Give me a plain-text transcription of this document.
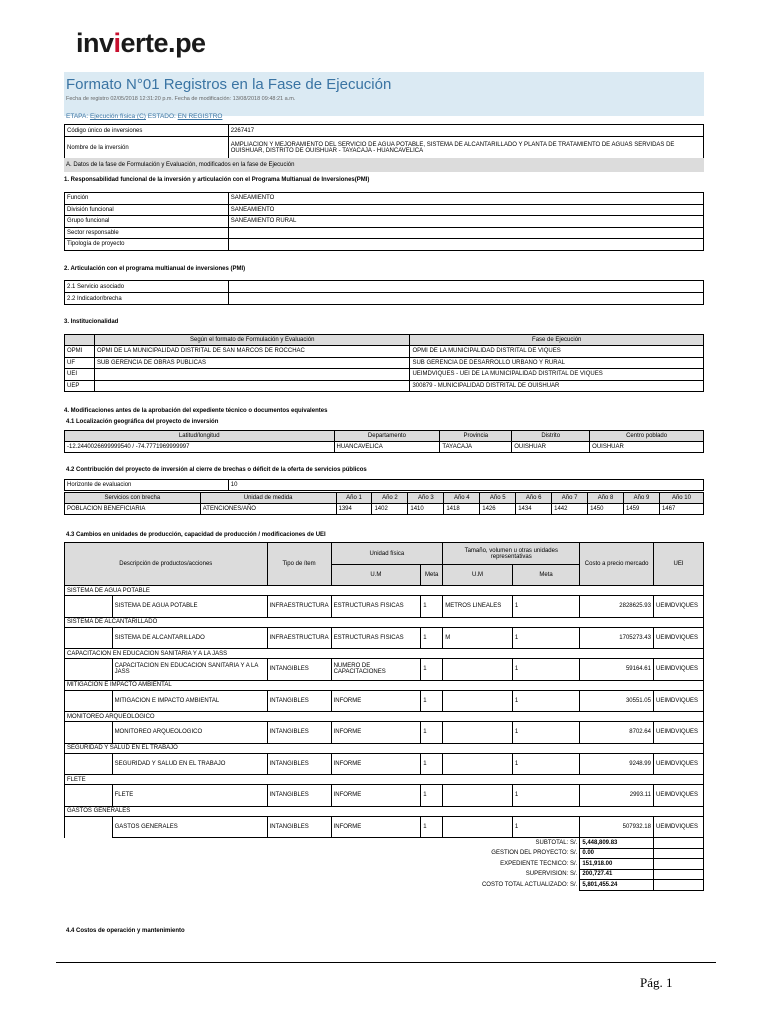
invierte.pe
Formato N°01 Registros en la Fase de Ejecución
Fecha de registro 02/05/2018 12:31:20 p.m. Fecha de modificación: 13/08/2018 09:48:21 a.m.
ETAPA: Ejecución física (C) ESTADO: EN REGISTRO
Código único de inversiones	2267417
Nombre de la inversión	AMPLIACION Y MEJORAMIENTO DEL SERVICIO DE AGUA POTABLE, SISTEMA DE ALCANTARILLADO Y PLANTA DE TRATAMIENTO DE AGUAS SERVIDAS DE OUISHUAR, DISTRITO DE OUISHUAR - TAYACAJA - HUANCAVELICA
A. Datos de la fase de Formulación y Evaluación, modificados en la fase de Ejecución
1. Responsabilidad funcional de la inversión y articulación con el Programa Multianual de Inversiones(PMI)
Función	SANEAMIENTO
División funcional	SANEAMIENTO
Grupo funcional	SANEAMIENTO RURAL
Sector responsable	
Tipología de proyecto	
2. Articulación con el programa multianual de inversiones (PMI)
2.1 Servicio asociado	
2.2 Indicador/brecha	
3. Institucionalidad
	Según el formato de Formulación y Evaluación	Fase de Ejecución
OPMI	OPMI DE LA MUNICIPALIDAD DISTRITAL DE SAN MARCOS DE ROCCHAC	OPMI DE LA MUNICIPALIDAD DISTRITAL DE VIQUES
UF	SUB GERENCIA DE OBRAS PUBLICAS	SUB GERENCIA DE DESARROLLO URBANO Y RURAL
UEI		UEIMDVIQUES - UEI DE LA MUNICIPALIDAD DISTRITAL DE VIQUES
UEP		300879 - MUNICIPALIDAD DISTRITAL DE OUISHUAR
4. Modificaciones antes de la aprobación del expediente técnico o documentos equivalentes
4.1 Localización geográfica del proyecto de inversión
Latitud/longitud	Departamento	Provincia	Distrito	Centro poblado
-12.2440026699999540 / -74.7771969999997	HUANCAVELICA	TAYACAJA	OUISHUAR	OUISHUAR
4.2 Contribución del proyecto de inversión al cierre de brechas o déficit de la oferta de servicios públicos
Horizonte de evaluacion	10
Servicios con brecha	Unidad de medida	Año 1	Año 2	Año 3	Año 4	Año 5	Año 6	Año 7	Año 8	Año 9	Año 10
POBLACION BENEFICIARIA	ATENCIONES/AÑO	1394	1402	1410	1418	1426	1434	1442	1450	1459	1467
4.3 Cambios en unidades de producción, capacidad de producción / modificaciones de UEI
Descripción de productos/acciones		Tipo de ítem	Unidad física		Tamaño, volumen u otras unidades representativas		Costo a precio mercado	UEI
			U.M	Meta	U.M	Meta		
SISTEMA DE AGUA POTABLE								
	SISTEMA DE AGUA POTABLE	INFRAESTRUCTURA	ESTRUCTURAS FISICAS	1	METROS LINEALES	1	2828625.93	UEIMDVIQUES
SISTEMA DE ALCANTARILLADO								
	SISTEMA DE ALCANTARILLADO	INFRAESTRUCTURA	ESTRUCTURAS FISICAS	1	M	1	1705273.43	UEIMDVIQUES
CAPACITACION EN EDUCACION SANITARIA Y A LA JASS								
	CAPACITACION EN EDUCACION SANITARIA Y A LA JASS	INTANGIBLES	NUMERO DE CAPACITACIONES	1		1	59164.61	UEIMDVIQUES
MITIGACION E IMPACTO AMBIENTAL								
	MITIGACION E IMPACTO AMBIENTAL	INTANGIBLES	INFORME	1		1	30551.05	UEIMDVIQUES
MONITOREO ARQUEOLOGICO								
	MONITOREO ARQUEOLOGICO	INTANGIBLES	INFORME	1		1	8702.64	UEIMDVIQUES
SEGURIDAD Y SALUD EN EL TRABAJO								
	SEGURIDAD Y SALUD EN EL TRABAJO	INTANGIBLES	INFORME	1		1	9248.99	UEIMDVIQUES
FLETE								
	FLETE	INTANGIBLES	INFORME	1		1	2993.11	UEIMDVIQUES
GASTOS GENERALES								
	GASTOS GENERALES	INTANGIBLES	INFORME	1		1	507932.18	UEIMDVIQUES
SUBTOTAL: S/.							5,448,809.83	
GESTION DEL PROYECTO: S/.							0.00	
EXPEDIENTE TECNICO: S/.							151,918.00	
SUPERVISION: S/.							200,727.41	
COSTO TOTAL ACTUALIZADO: S/.							5,801,455.24	
4.4 Costos de operación y mantenimiento
Pág. 1
